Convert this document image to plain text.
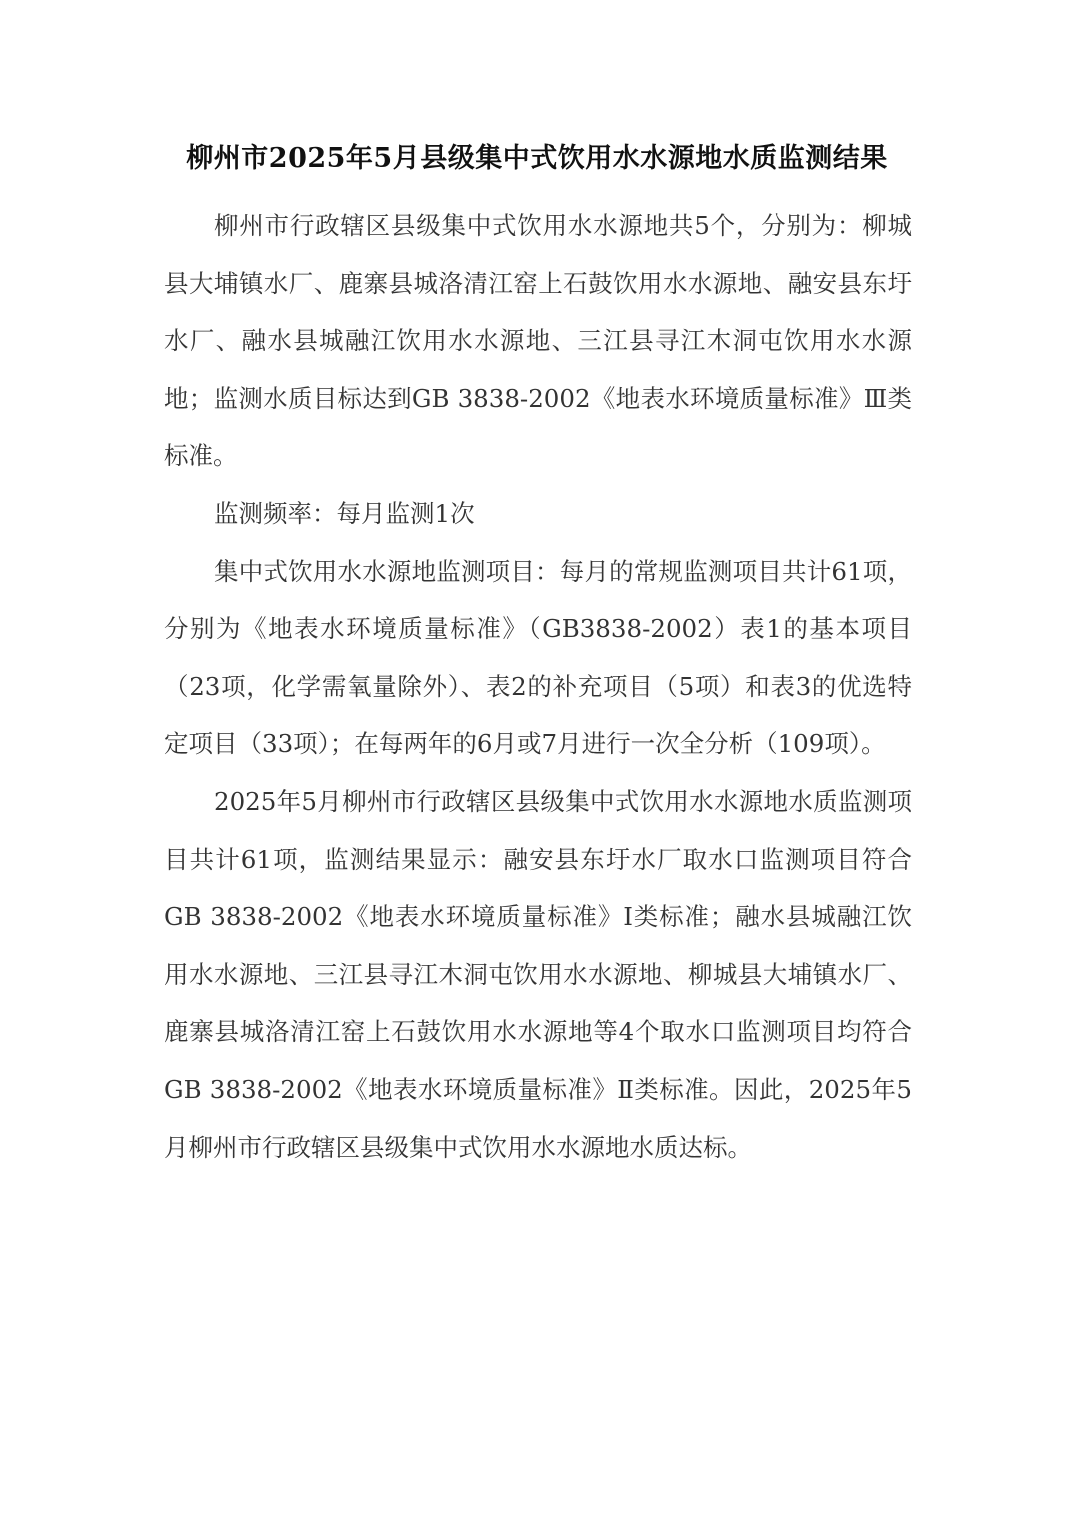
柳州市2025年5月县级集中式饮用水水源地水质监测结果

柳州市行政辖区县级集中式饮用水水源地共5个，分别为：柳城县大埔镇水厂、鹿寨县城洛清江窑上石鼓饮用水水源地、融安县东圩水厂、融水县城融江饮用水水源地、三江县寻江木洞屯饮用水水源地；监测水质目标达到GB 3838-2002《地表水环境质量标准》Ⅲ类标准。

监测频率：每月监测1次

集中式饮用水水源地监测项目：每月的常规监测项目共计61项，分别为《地表水环境质量标准》（GB3838-2002）表1的基本项目（23项，化学需氧量除外）、表2的补充项目（5项）和表3的优选特定项目（33项）；在每两年的6月或7月进行一次全分析（109项）。

2025年5月柳州市行政辖区县级集中式饮用水水源地水质监测项目共计61项，监测结果显示：融安县东圩水厂取水口监测项目符合GB 3838-2002《地表水环境质量标准》Ⅰ类标准；融水县城融江饮用水水源地、三江县寻江木洞屯饮用水水源地、柳城县大埔镇水厂、鹿寨县城洛清江窑上石鼓饮用水水源地等4个取水口监测项目均符合GB 3838-2002《地表水环境质量标准》Ⅱ类标准。因此，2025年5月柳州市行政辖区县级集中式饮用水水源地水质达标。
